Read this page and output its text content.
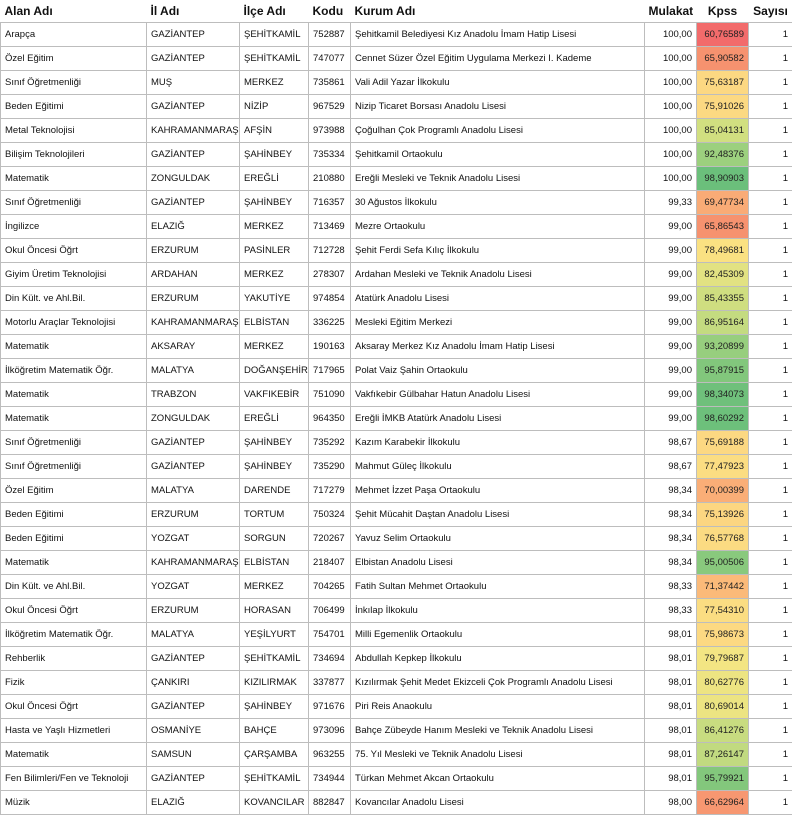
Alan Adı	İl Adı	İlçe Adı	Kodu	Kurum Adı	Mulakat	Kpss	Sayısı
Arapça	GAZİANTEP	ŞEHİTKAMİL	752887	Şehitkamil Belediyesi Kız Anadolu İmam Hatip Lisesi	100,00	60,76589	1
Özel Eğitim	GAZİANTEP	ŞEHİTKAMİL	747077	Cennet Süzer Özel Eğitim Uygulama Merkezi I. Kademe	100,00	65,90582	1
Sınıf Öğretmenliği	MUŞ	MERKEZ	735861	Vali Adil Yazar İlkokulu	100,00	75,63187	1
Beden Eğitimi	GAZİANTEP	NİZİP	967529	Nizip Ticaret Borsası Anadolu Lisesi	100,00	75,91026	1
Metal Teknolojisi	KAHRAMANMARAŞ	AFŞİN	973988	Çoğulhan Çok Programlı Anadolu Lisesi	100,00	85,04131	1
Bilişim Teknolojileri	GAZİANTEP	ŞAHİNBEY	735334	Şehitkamil Ortaokulu	100,00	92,48376	1
Matematik	ZONGULDAK	EREĞLİ	210880	Ereğli Mesleki ve Teknik Anadolu Lisesi	100,00	98,90903	1
Sınıf Öğretmenliği	GAZİANTEP	ŞAHİNBEY	716357	30 Ağustos İlkokulu	99,33	69,47734	1
İngilizce	ELAZIĞ	MERKEZ	713469	Mezre Ortaokulu	99,00	65,86543	1
Okul Öncesi Öğrt	ERZURUM	PASİNLER	712728	Şehit Ferdi Sefa Kılıç İlkokulu	99,00	78,49681	1
Giyim Üretim Teknolojisi	ARDAHAN	MERKEZ	278307	Ardahan Mesleki ve Teknik Anadolu Lisesi	99,00	82,45309	1
Din Kült. ve Ahl.Bil.	ERZURUM	YAKUTİYE	974854	Atatürk Anadolu Lisesi	99,00	85,43355	1
Motorlu Araçlar Teknolojisi	KAHRAMANMARAŞ	ELBİSTAN	336225	Mesleki Eğitim Merkezi	99,00	86,95164	1
Matematik	AKSARAY	MERKEZ	190163	Aksaray Merkez Kız Anadolu İmam Hatip Lisesi	99,00	93,20899	1
İlköğretim Matematik Öğr.	MALATYA	DOĞANŞEHİR	717965	Polat Vaiz Şahin Ortaokulu	99,00	95,87915	1
Matematik	TRABZON	VAKFIKEBİR	751090	Vakfıkebir Gülbahar Hatun Anadolu Lisesi	99,00	98,34073	1
Matematik	ZONGULDAK	EREĞLİ	964350	Ereğli İMKB Atatürk Anadolu Lisesi	99,00	98,60292	1
Sınıf Öğretmenliği	GAZİANTEP	ŞAHİNBEY	735292	Kazım Karabekir İlkokulu	98,67	75,69188	1
Sınıf Öğretmenliği	GAZİANTEP	ŞAHİNBEY	735290	Mahmut Güleç İlkokulu	98,67	77,47923	1
Özel Eğitim	MALATYA	DARENDE	717279	Mehmet İzzet Paşa Ortaokulu	98,34	70,00399	1
Beden Eğitimi	ERZURUM	TORTUM	750324	Şehit Mücahit Daştan Anadolu Lisesi	98,34	75,13926	1
Beden Eğitimi	YOZGAT	SORGUN	720267	Yavuz Selim Ortaokulu	98,34	76,57768	1
Matematik	KAHRAMANMARAŞ	ELBİSTAN	218407	Elbistan Anadolu Lisesi	98,34	95,00506	1
Din Kült. ve Ahl.Bil.	YOZGAT	MERKEZ	704265	Fatih Sultan Mehmet Ortaokulu	98,33	71,37442	1
Okul Öncesi Öğrt	ERZURUM	HORASAN	706499	İnkılap İlkokulu	98,33	77,54310	1
İlköğretim Matematik Öğr.	MALATYA	YEŞİLYURT	754701	Milli Egemenlik Ortaokulu	98,01	75,98673	1
Rehberlik	GAZİANTEP	ŞEHİTKAMİL	734694	Abdullah Kepkep İlkokulu	98,01	79,79687	1
Fizik	ÇANKIRI	KIZILIRMAK	337877	Kızılırmak Şehit Medet Ekizceli Çok Programlı Anadolu Lisesi	98,01	80,62776	1
Okul Öncesi Öğrt	GAZİANTEP	ŞAHİNBEY	971676	Piri Reis Anaokulu	98,01	80,69014	1
Hasta ve Yaşlı Hizmetleri	OSMANİYE	BAHÇE	973096	Bahçe Zübeyde Hanım Mesleki ve Teknik Anadolu Lisesi	98,01	86,41276	1
Matematik	SAMSUN	ÇARŞAMBA	963255	75. Yıl Mesleki ve Teknik Anadolu Lisesi	98,01	87,26147	1
Fen Bilimleri/Fen ve Teknoloji	GAZİANTEP	ŞEHİTKAMİL	734944	Türkan Mehmet Akcan Ortaokulu	98,01	95,79921	1
Müzik	ELAZIĞ	KOVANCILAR	882847	Kovancılar Anadolu Lisesi	98,00	66,62964	1
